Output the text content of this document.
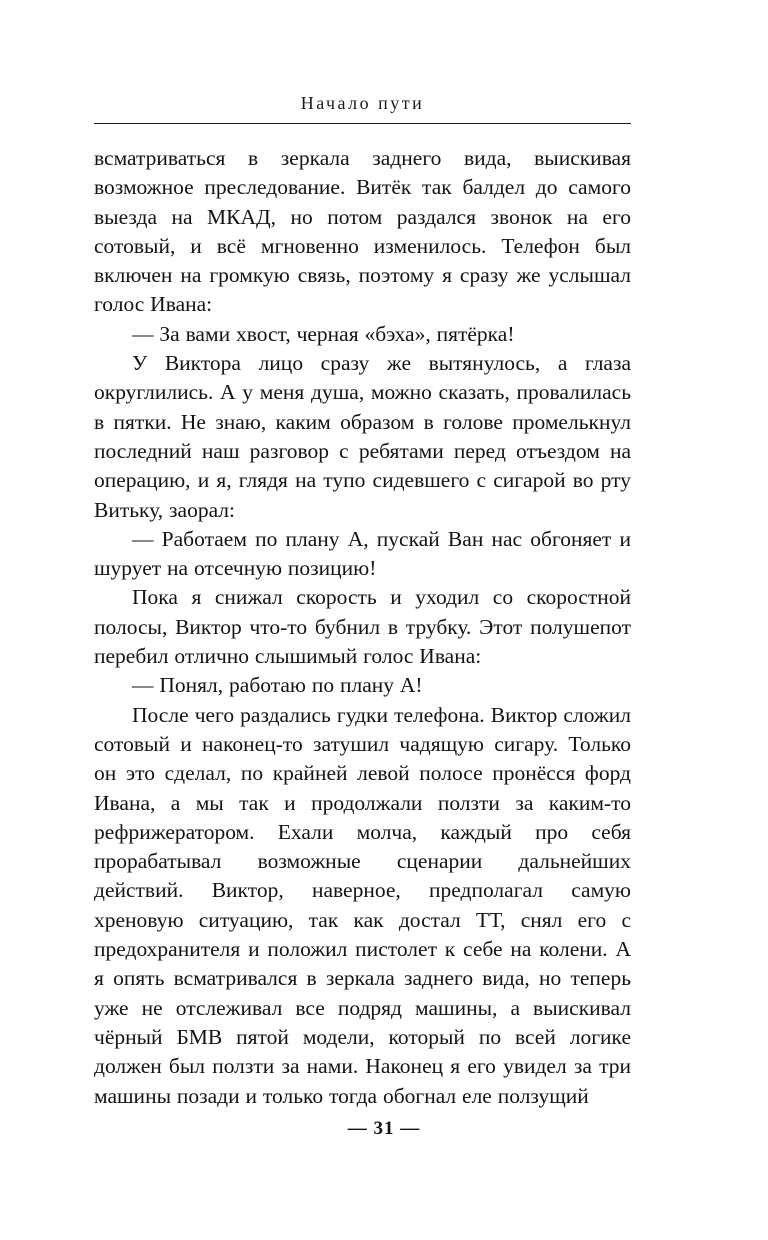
Начало пути

всматриваться в зеркала заднего вида, выискивая возможное преследование. Витёк так балдел до самого выезда на МКАД, но потом раздался звонок на его сотовый, и всё мгновенно изменилось. Телефон был включен на громкую связь, поэтому я сразу же услышал голос Ивана:

— За вами хвост, черная «бэха», пятёрка!

У Виктора лицо сразу же вытянулось, а глаза округлились. А у меня душа, можно сказать, провалилась в пятки. Не знаю, каким образом в голове промелькнул последний наш разговор с ребятами перед отъездом на операцию, и я, глядя на тупо сидевшего с сигарой во рту Витьку, заорал:

— Работаем по плану А, пускай Ван нас обгоняет и шурует на отсечную позицию!

Пока я снижал скорость и уходил со скоростной полосы, Виктор что-то бубнил в трубку. Этот полушепот перебил отлично слышимый голос Ивана:

— Понял, работаю по плану А!

После чего раздались гудки телефона. Виктор сложил сотовый и наконец-то затушил чадящую сигару. Только он это сделал, по крайней левой полосе пронёсся форд Ивана, а мы так и продолжали ползти за каким-то рефрижератором. Ехали молча, каждый про себя прорабатывал возможные сценарии дальнейших действий. Виктор, наверное, предполагал самую хреновую ситуацию, так как достал ТТ, снял его с предохранителя и положил пистолет к себе на колени. А я опять всматривался в зеркала заднего вида, но теперь уже не отслеживал все подряд машины, а выискивал чёрный БМВ пятой модели, который по всей логике должен был ползти за нами. Наконец я его увидел за три машины позади и только тогда обогнал еле ползущий

— 31 —
